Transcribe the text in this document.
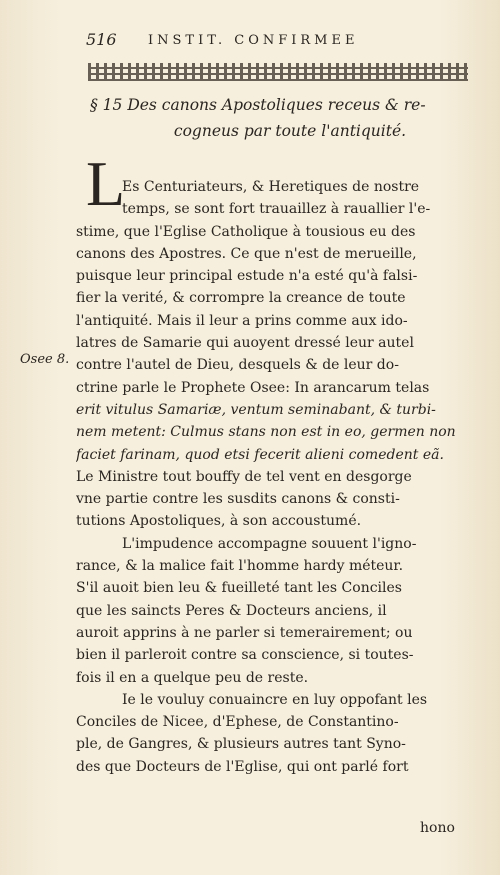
516 INSTIT. CONFIRMEE
§ 15 Des canons Apostoliques receus & re-
cogneus par toute l'antiquité.
L
Osee 8.
Es Centuriateurs, & Heretiques de nostre
temps, se sont fort trauaillez à rauallier l'e-
stime, que l'Eglise Catholique à tousious eu des
canons des Apostres. Ce que n'est de merueille,
puisque leur principal estude n'a esté qu'à falsi-
fier la verité, & corrompre la creance de toute
l'antiquité. Mais il leur a prins comme aux ido-
latres de Samarie qui auoyent dressé leur autel
contre l'autel de Dieu, desquels & de leur do-
ctrine parle le Prophete Osee: In arancarum telas
erit vitulus Samariæ, ventum seminabant, & turbi-
nem metent: Culmus stans non est in eo, germen non
faciet farinam, quod etsi fecerit alieni comedent eã.
Le Ministre tout bouffy de tel vent en desgorge
vne partie contre les susdits canons & consti-
tutions Apostoliques, à son accoustumé.
L'impudence accompagne souuent l'igno-
rance, & la malice fait l'homme hardy méteur.
S'il auoit bien leu & fueilleté tant les Conciles
que les saincts Peres & Docteurs anciens, il
auroit apprins à ne parler si temerairement; ou
bien il parleroit contre sa conscience, si toutes-
fois il en a quelque peu de reste.
Ie le vouluy conuaincre en luy oppofant les
Conciles de Nicee, d'Ephese, de Constantino-
ple, de Gangres, & plusieurs autres tant Syno-
des que Docteurs de l'Eglise, qui ont parlé fort
hono
